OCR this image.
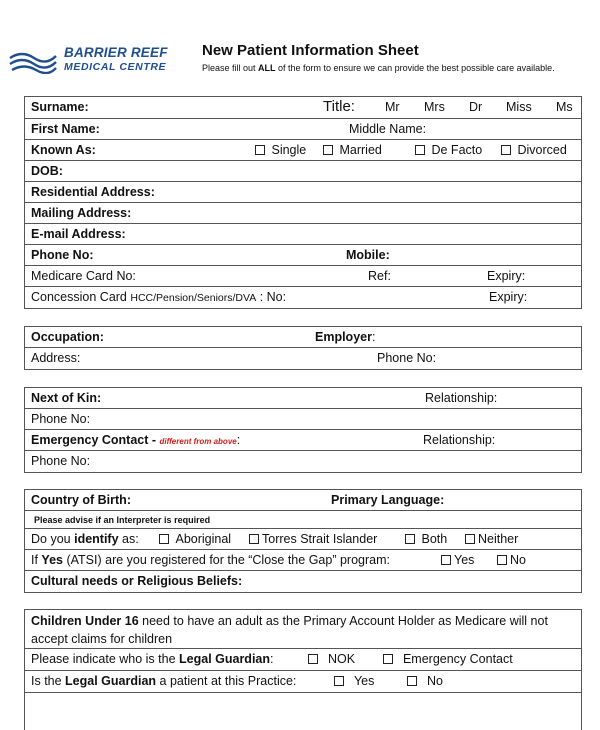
BARRIER REEF
MEDICAL CENTRE
New Patient Information Sheet
Please fill out ALL of the form to ensure we can provide the best possible care available.
Surname:	Title: Mr Mrs Dr Miss Ms
First Name:	Middle Name:
Known As:	Single	Married	De Facto	Divorced
DOB:
Residential Address:
Mailing Address:
E-mail Address:
Phone No:	Mobile:
Medicare Card No:	Ref:	Expiry:
Concession Card HCC/Pension/Seniors/DVA : No:	Expiry:
Occupation:	Employer:
Address:	Phone No:
Next of Kin:	Relationship:
Phone No:
Emergency Contact - different from above:	Relationship:
Phone No:
Country of Birth:	Primary Language:
Please advise if an Interpreter is required
Do you identify as:	Aboriginal	Torres Strait Islander	Both	Neither
If Yes (ATSI) are you registered for the “Close the Gap” program:	Yes	No
Cultural needs or Religious Beliefs:
Children Under 16 need to have an adult as the Primary Account Holder as Medicare will not accept claims for children
Please indicate who is the Legal Guardian:	NOK	Emergency Contact
Is the Legal Guardian a patient at this Practice:	Yes	No
